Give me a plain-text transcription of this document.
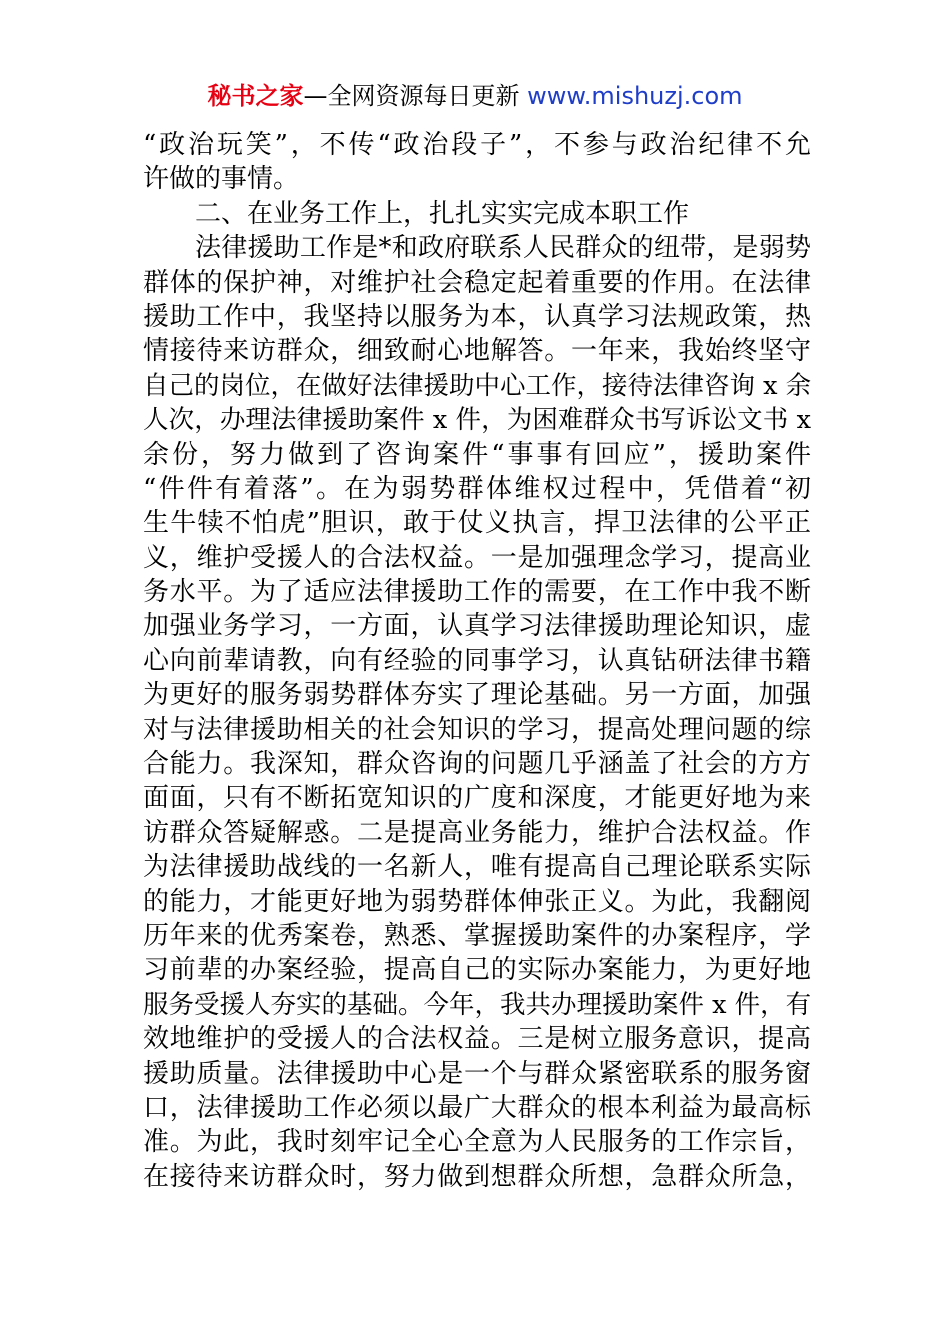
秘书之家—全网资源每日更新 www.mishuzj.com
“政治玩笑”，不传“政治段子”，不参与政治纪律不允
许做的事情。
二、在业务工作上，扎扎实实完成本职工作
法律援助工作是*和政府联系人民群众的纽带，是弱势
群体的保护神，对维护社会稳定起着重要的作用。在法律
援助工作中，我坚持以服务为本，认真学习法规政策，热
情接待来访群众，细致耐心地解答。一年来，我始终坚守
自己的岗位，在做好法律援助中心工作，接待法律咨询 x 余
人次，办理法律援助案件 x 件，为困难群众书写诉讼文书 x
余份，努力做到了咨询案件“事事有回应”，援助案件
“件件有着落”。在为弱势群体维权过程中，凭借着“初
生牛犊不怕虎”胆识，敢于仗义执言，捍卫法律的公平正
义，维护受援人的合法权益。一是加强理念学习，提高业
务水平。为了适应法律援助工作的需要，在工作中我不断
加强业务学习，一方面，认真学习法律援助理论知识，虚
心向前辈请教，向有经验的同事学习，认真钻研法律书籍
为更好的服务弱势群体夯实了理论基础。另一方面，加强
对与法律援助相关的社会知识的学习，提高处理问题的综
合能力。我深知，群众咨询的问题几乎涵盖了社会的方方
面面，只有不断拓宽知识的广度和深度，才能更好地为来
访群众答疑解惑。二是提高业务能力，维护合法权益。作
为法律援助战线的一名新人，唯有提高自己理论联系实际
的能力，才能更好地为弱势群体伸张正义。为此，我翻阅
历年来的优秀案卷，熟悉、掌握援助案件的办案程序，学
习前辈的办案经验，提高自己的实际办案能力，为更好地
服务受援人夯实的基础。今年，我共办理援助案件 x 件，有
效地维护的受援人的合法权益。三是树立服务意识，提高
援助质量。法律援助中心是一个与群众紧密联系的服务窗
口，法律援助工作必须以最广大群众的根本利益为最高标
准。为此，我时刻牢记全心全意为人民服务的工作宗旨，
在接待来访群众时，努力做到想群众所想，急群众所急，
